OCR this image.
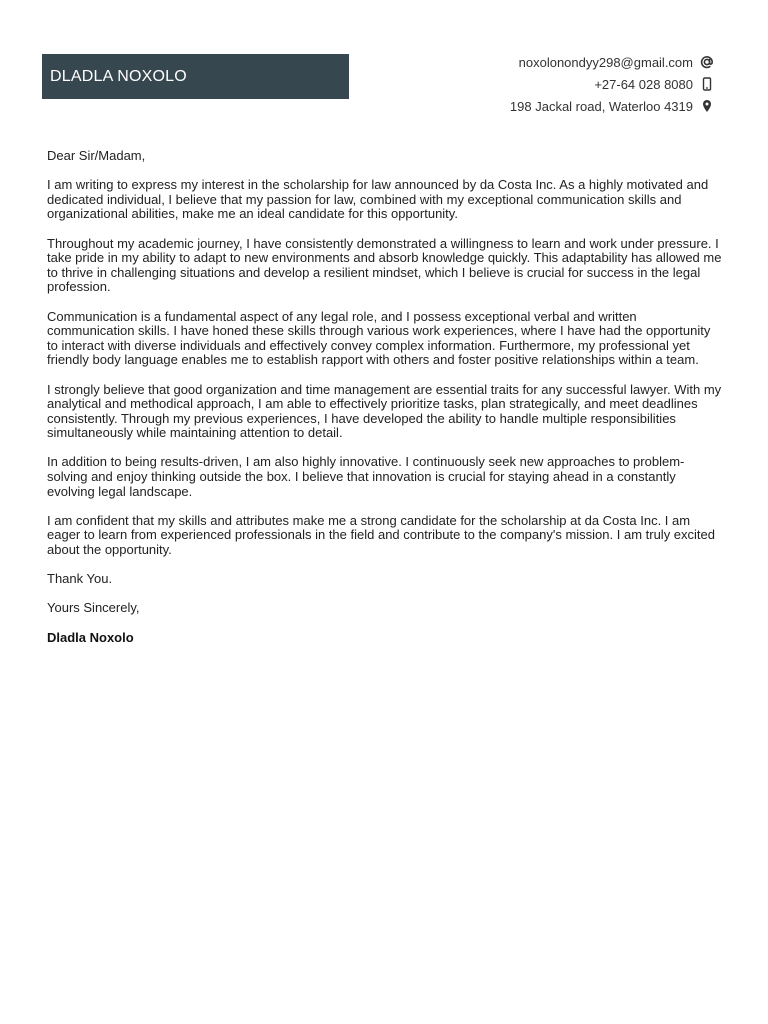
DLADLA NOXOLO
noxolonondyy298@gmail.com
+27-64 028 8080
198 Jackal road, Waterloo 4319

Dear Sir/Madam,

I am writing to express my interest in the scholarship for law announced by da Costa Inc. As a highly motivated and dedicated individual, I believe that my passion for law, combined with my exceptional communication skills and organizational abilities, make me an ideal candidate for this opportunity.

Throughout my academic journey, I have consistently demonstrated a willingness to learn and work under pressure. I take pride in my ability to adapt to new environments and absorb knowledge quickly. This adaptability has allowed me to thrive in challenging situations and develop a resilient mindset, which I believe is crucial for success in the legal profession.

Communication is a fundamental aspect of any legal role, and I possess exceptional verbal and written communication skills. I have honed these skills through various work experiences, where I have had the opportunity to interact with diverse individuals and effectively convey complex information. Furthermore, my professional yet friendly body language enables me to establish rapport with others and foster positive relationships within a team.

I strongly believe that good organization and time management are essential traits for any successful lawyer. With my analytical and methodical approach, I am able to effectively prioritize tasks, plan strategically, and meet deadlines consistently. Through my previous experiences, I have developed the ability to handle multiple responsibilities simultaneously while maintaining attention to detail.

In addition to being results-driven, I am also highly innovative. I continuously seek new approaches to problem-solving and enjoy thinking outside the box. I believe that innovation is crucial for staying ahead in a constantly evolving legal landscape.

I am confident that my skills and attributes make me a strong candidate for the scholarship at da Costa Inc. I am eager to learn from experienced professionals in the field and contribute to the company's mission. I am truly excited about the opportunity.

Thank You.

Yours Sincerely,

Dladla Noxolo
